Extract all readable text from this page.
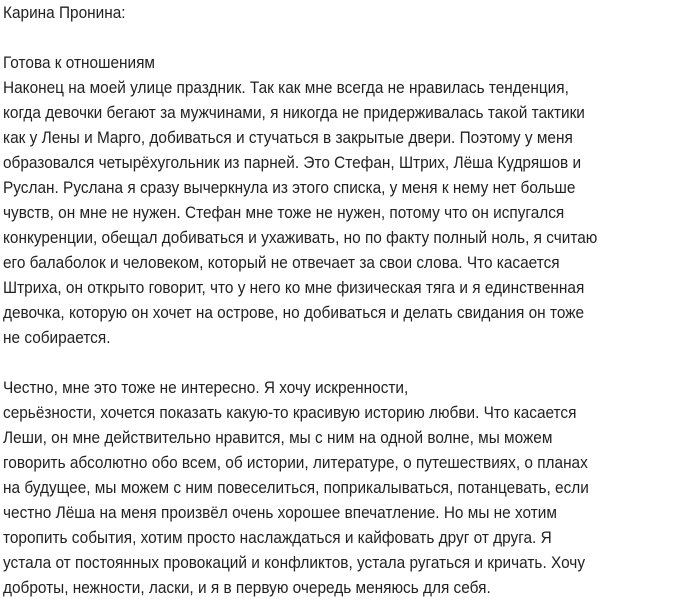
Карина Пронина:
Готова к отношениям
Наконец на моей улице праздник. Так как мне всегда не нравилась тенденция,
когда девочки бегают за мужчинами, я никогда не придерживалась такой тактики
как у Лены и Марго, добиваться и стучаться в закрытые двери. Поэтому у меня
образовался четырёхугольник из парней. Это Стефан, Штрих, Лёша Кудряшов и
Руслан. Руслана я сразу вычеркнула из этого списка, у меня к нему нет больше
чувств, он мне не нужен. Стефан мне тоже не нужен, потому что он испугался
конкуренции, обещал добиваться и ухаживать, но по факту полный ноль, я считаю
его балаболок и человеком, который не отвечает за свои слова. Что касается
Штриха, он открыто говорит, что у него ко мне физическая тяга и я единственная
девочка, которую он хочет на острове, но добиваться и делать свидания он тоже
не собирается.
Честно, мне это тоже не интересно. Я хочу искренности,
серьёзности, хочется показать какую-то красивую историю любви. Что касается
Леши, он мне действительно нравится, мы с ним на одной волне, мы можем
говорить абсолютно обо всем, об истории, литературе, о путешествиях, о планах
на будущее, мы можем с ним повеселиться, поприкалываться, потанцевать, если
честно Лёша на меня произвёл очень хорошее впечатление. Но мы не хотим
торопить события, хотим просто наслаждаться и кайфовать друг от друга. Я
устала от постоянных провокаций и конфликтов, устала ругаться и кричать. Хочу
доброты, нежности, ласки, и я в первую очередь меняюсь для себя.
